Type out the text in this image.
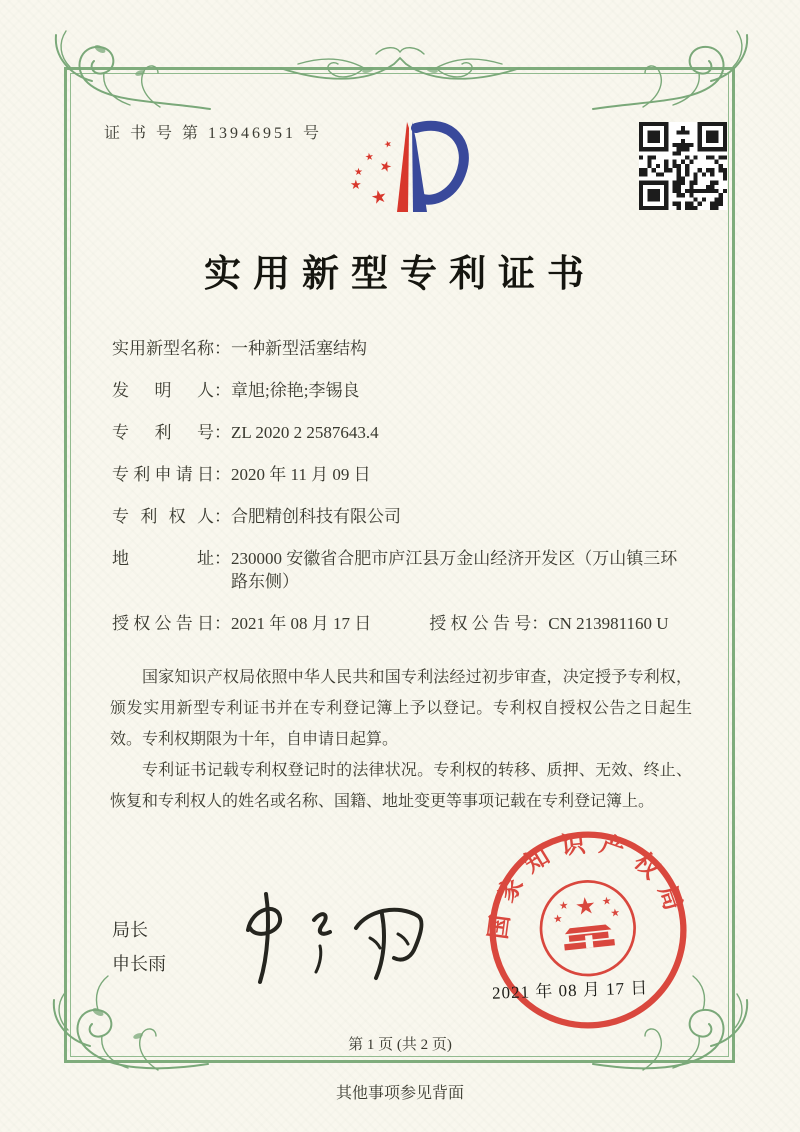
证 书 号 第 13946951 号
★
★
★
★
★
★
实用新型专利证书
实用新型名称 ： 一种新型活塞结构
发明人 ： 章旭;徐艳;李锡良
专利号 ： ZL 2020 2 2587643.4
专利申请日 ： 2020 年 11 月 09 日
专利权人 ： 合肥精创科技有限公司
地址 ： 230000 安徽省合肥市庐江县万金山经济开发区（万山镇三环路东侧）
授权公告日 ： 2021 年 08 月 17 日	授权公告号 ： CN 213981160 U

国家知识产权局依照中华人民共和国专利法经过初步审查，决定授予专利权，颁发实用新型专利证书并在专利登记簿上予以登记。专利权自授权公告之日起生效。专利权期限为十年，自申请日起算。

专利证书记载专利权登记时的法律状况。专利权的转移、质押、无效、终止、恢复和专利权人的姓名或名称、国籍、地址变更等事项记载在专利登记簿上。

局长
申长雨
国家知识产权局
★
★	★
★	★
2021 年 08 月 17 日
第 1 页 (共 2 页)
其他事项参见背面
